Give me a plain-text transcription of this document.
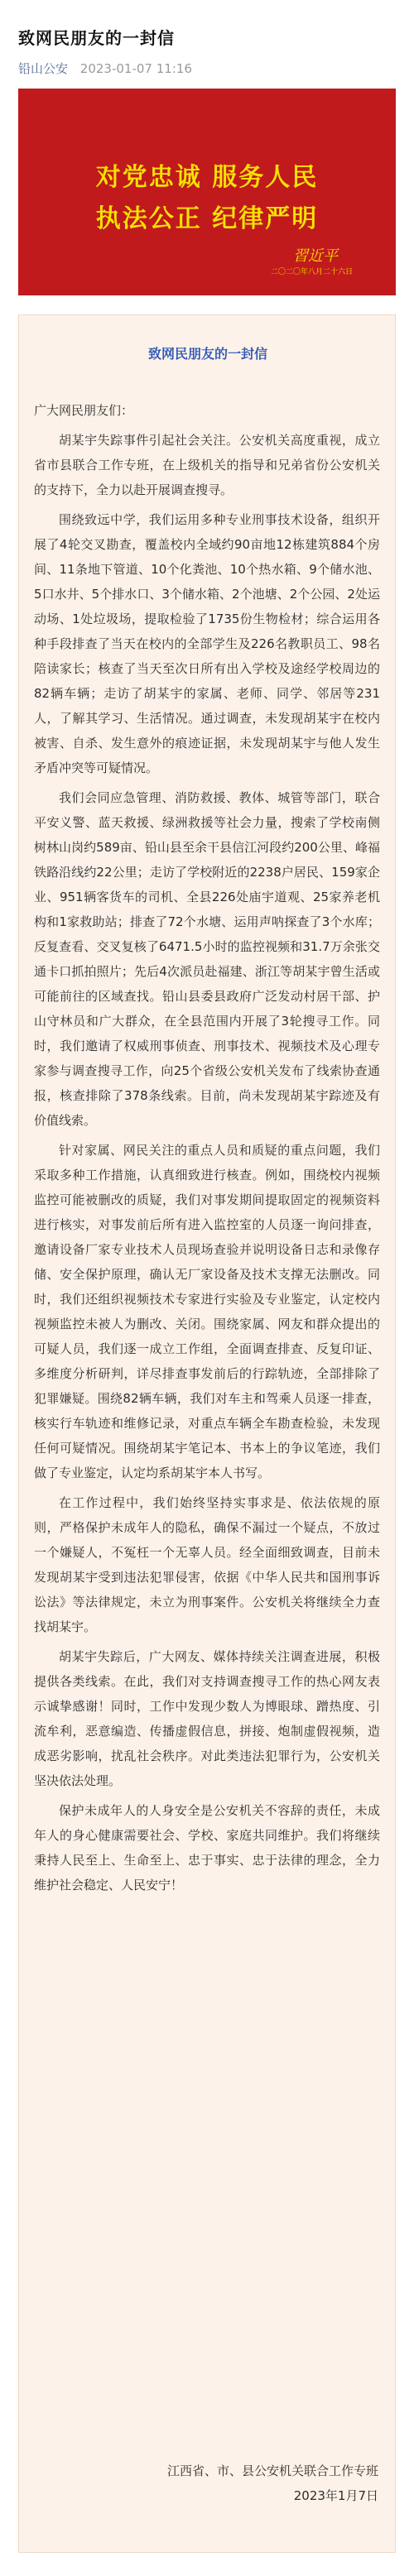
致网民朋友的一封信
铅山公安 2023-01-07 11:16
对党忠诚 服务人民
执法公正 纪律严明
習近平
二〇二〇年八月二十六日
致网民朋友的一封信

广大网民朋友们：

胡某宇失踪事件引起社会关注。公安机关高度重视，成立省市县联合工作专班，在上级机关的指导和兄弟省份公安机关的支持下，全力以赴开展调查搜寻。

围绕致远中学，我们运用多种专业刑事技术设备，组织开展了4轮交叉勘查，覆盖校内全域约90亩地12栋建筑884个房间、11条地下管道、10个化粪池、10个热水箱、9个储水池、5口水井、5个排水口、3个储水箱、2个池塘、2个公园、2处运动场、1处垃圾场，提取检验了1735份生物检材；综合运用各种手段排查了当天在校内的全部学生及226名教职员工、98名陪读家长；核查了当天至次日所有出入学校及途经学校周边的82辆车辆；走访了胡某宇的家属、老师、同学、邻居等231人，了解其学习、生活情况。通过调查，未发现胡某宇在校内被害、自杀、发生意外的痕迹证据，未发现胡某宇与他人发生矛盾冲突等可疑情况。

我们会同应急管理、消防救援、教体、城管等部门，联合平安义警、蓝天救援、绿洲救援等社会力量，搜索了学校南侧树林山岗约589亩、铅山县至余干县信江河段约200公里、峰福铁路沿线约22公里；走访了学校附近的2238户居民、159家企业、951辆客货车的司机、全县226处庙宇道观、25家养老机构和1家救助站；排查了72个水塘、运用声呐探查了3个水库；反复查看、交叉复核了6471.5小时的监控视频和31.7万余张交通卡口抓拍照片；先后4次派员赴福建、浙江等胡某宇曾生活或可能前往的区域查找。铅山县委县政府广泛发动村居干部、护山守林员和广大群众，在全县范围内开展了3轮搜寻工作。同时，我们邀请了权威刑事侦查、刑事技术、视频技术及心理专家参与调查搜寻工作，向25个省级公安机关发布了线索协查通报，核查排除了378条线索。目前，尚未发现胡某宇踪迹及有价值线索。

针对家属、网民关注的重点人员和质疑的重点问题，我们采取多种工作措施，认真细致进行核查。例如，围绕校内视频监控可能被删改的质疑，我们对事发期间提取固定的视频资料进行核实，对事发前后所有进入监控室的人员逐一询问排查，邀请设备厂家专业技术人员现场查验并说明设备日志和录像存储、安全保护原理，确认无厂家设备及技术支撑无法删改。同时，我们还组织视频技术专家进行实验及专业鉴定，认定校内视频监控未被人为删改、关闭。围绕家属、网友和群众提出的可疑人员，我们逐一成立工作组，全面调查排查、反复印证、多维度分析研判，详尽排查事发前后的行踪轨迹，全部排除了犯罪嫌疑。围绕82辆车辆，我们对车主和驾乘人员逐一排查，核实行车轨迹和维修记录，对重点车辆全车勘查检验，未发现任何可疑情况。围绕胡某宇笔记本、书本上的争议笔迹，我们做了专业鉴定，认定均系胡某宇本人书写。

在工作过程中，我们始终坚持实事求是、依法依规的原则，严格保护未成年人的隐私，确保不漏过一个疑点，不放过一个嫌疑人，不冤枉一个无辜人员。经全面细致调查，目前未发现胡某宇受到违法犯罪侵害，依据《中华人民共和国刑事诉讼法》等法律规定，未立为刑事案件。公安机关将继续全力查找胡某宇。

胡某宇失踪后，广大网友、媒体持续关注调查进展，积极提供各类线索。在此，我们对支持调查搜寻工作的热心网友表示诚挚感谢！同时，工作中发现少数人为博眼球、蹭热度、引流牟利，恶意编造、传播虚假信息，拼接、炮制虚假视频，造成恶劣影响，扰乱社会秩序。对此类违法犯罪行为，公安机关坚决依法处理。

保护未成年人的人身安全是公安机关不容辞的责任，未成年人的身心健康需要社会、学校、家庭共同维护。我们将继续秉持人民至上、生命至上、忠于事实、忠于法律的理念，全力维护社会稳定、人民安宁！

江西省、市、县公安机关联合工作专班
2023年1月7日
